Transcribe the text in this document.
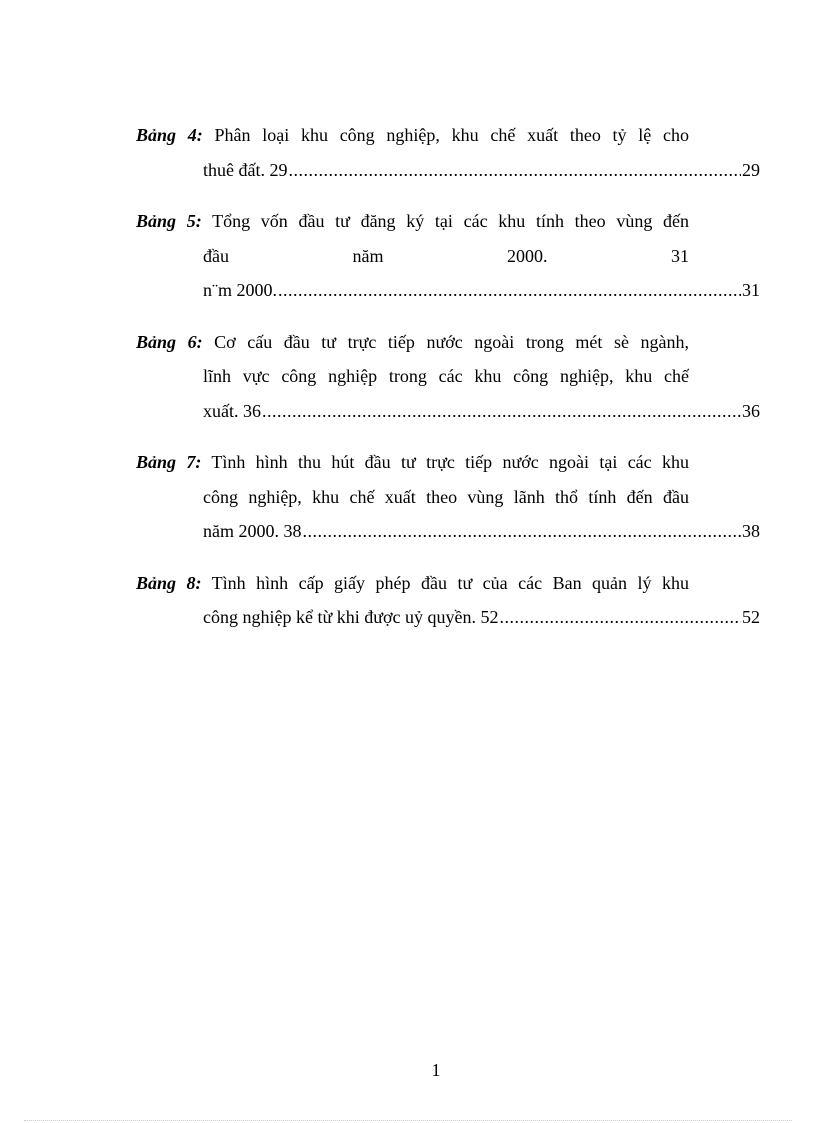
Bảng 4: Phân loại khu công nghiệp, khu chế xuất theo tỷ lệ cho
thuê đất. 29 .....	29
Bảng 5: Tổng vốn đầu tư đăng ký tại các khu tính theo vùng đến
đầu năm 2000. 31
n¨m 2000. .....	31
Bảng 6: Cơ cấu đầu tư trực tiếp nước ngoài trong mét sè ngành,
lĩnh vực công nghiệp trong các khu công nghiệp, khu chế
xuất. 36 .....	36
Bảng 7: Tình hình thu hút đầu tư trực tiếp nước ngoài tại các khu
công nghiệp, khu chế xuất theo vùng lãnh thổ tính đến đầu
năm 2000. 38 .....	38
Bảng 8: Tình hình cấp giấy phép đầu tư của các Ban quản lý khu
công nghiệp kể từ khi được uỷ quyền. 52 .....	52
1
